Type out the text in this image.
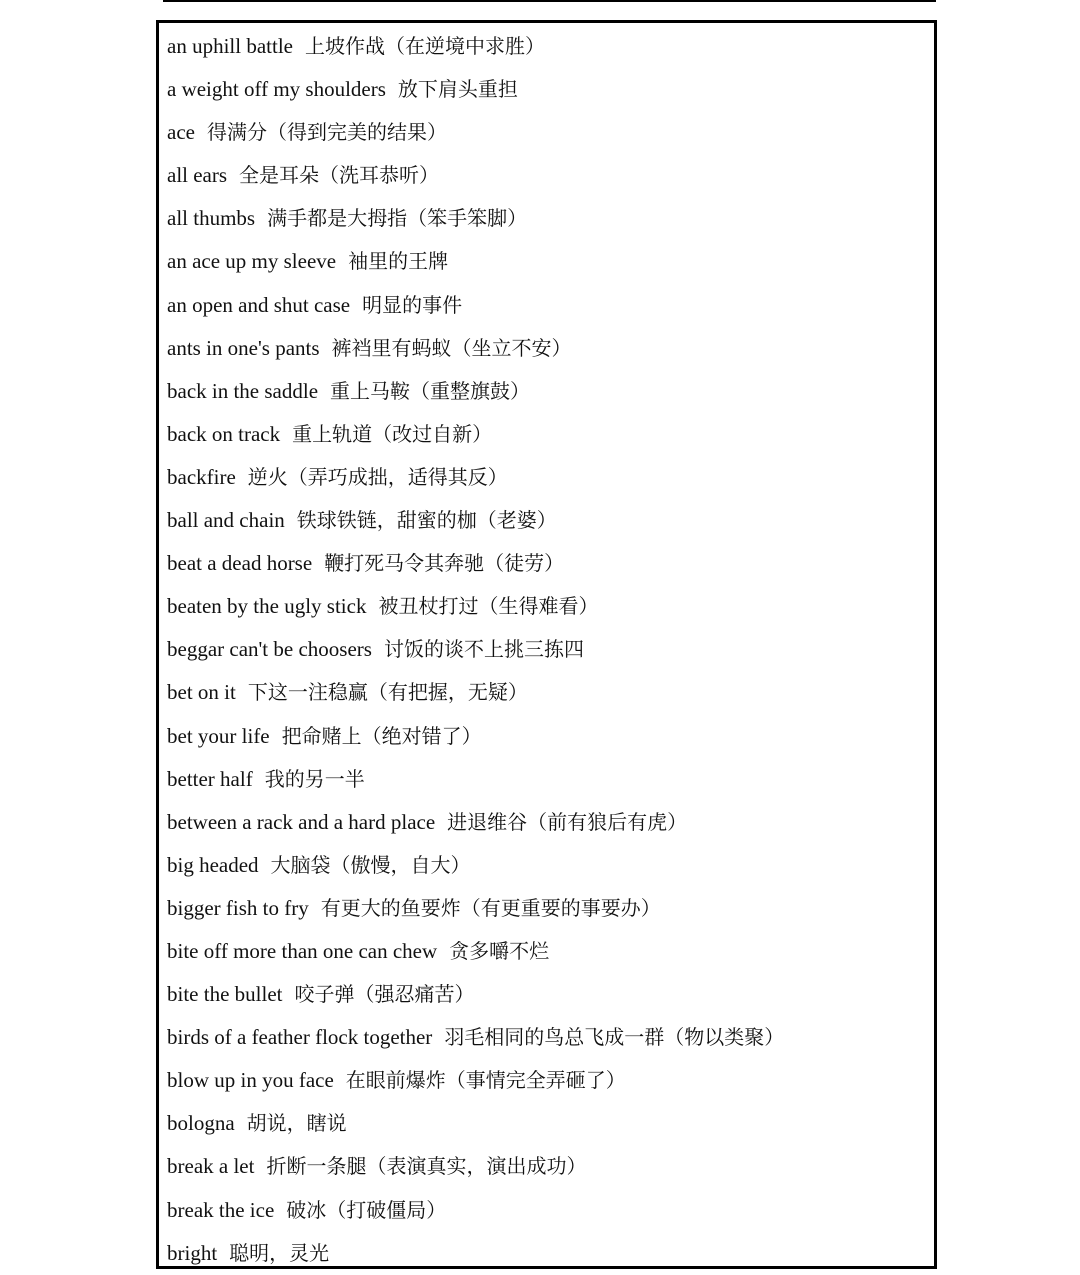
an uphill battle 上坡作战（在逆境中求胜）
a weight off my shoulders 放下肩头重担
ace 得满分（得到完美的结果）
all ears 全是耳朵（洗耳恭听）
all thumbs 满手都是大拇指（笨手笨脚）
an ace up my sleeve 袖里的王牌
an open and shut case 明显的事件
ants in one's pants 裤裆里有蚂蚁（坐立不安）
back in the saddle 重上马鞍（重整旗鼓）
back on track 重上轨道（改过自新）
backfire 逆火（弄巧成拙，适得其反）
ball and chain 铁球铁链，甜蜜的枷（老婆）
beat a dead horse 鞭打死马令其奔驰（徒劳）
beaten by the ugly stick 被丑杖打过（生得难看）
beggar can't be choosers 讨饭的谈不上挑三拣四
bet on it 下这一注稳赢（有把握，无疑）
bet your life 把命赌上（绝对错了）
better half 我的另一半
between a rack and a hard place 进退维谷（前有狼后有虎）
big headed 大脑袋（傲慢，自大）
bigger fish to fry 有更大的鱼要炸（有更重要的事要办）
bite off more than one can chew 贪多嚼不烂
bite the bullet 咬子弹（强忍痛苦）
birds of a feather flock together 羽毛相同的鸟总飞成一群（物以类聚）
blow up in you face 在眼前爆炸（事情完全弄砸了）
bologna 胡说，瞎说
break a let 折断一条腿（表演真实，演出成功）
break the ice 破冰（打破僵局）
bright 聪明，灵光
